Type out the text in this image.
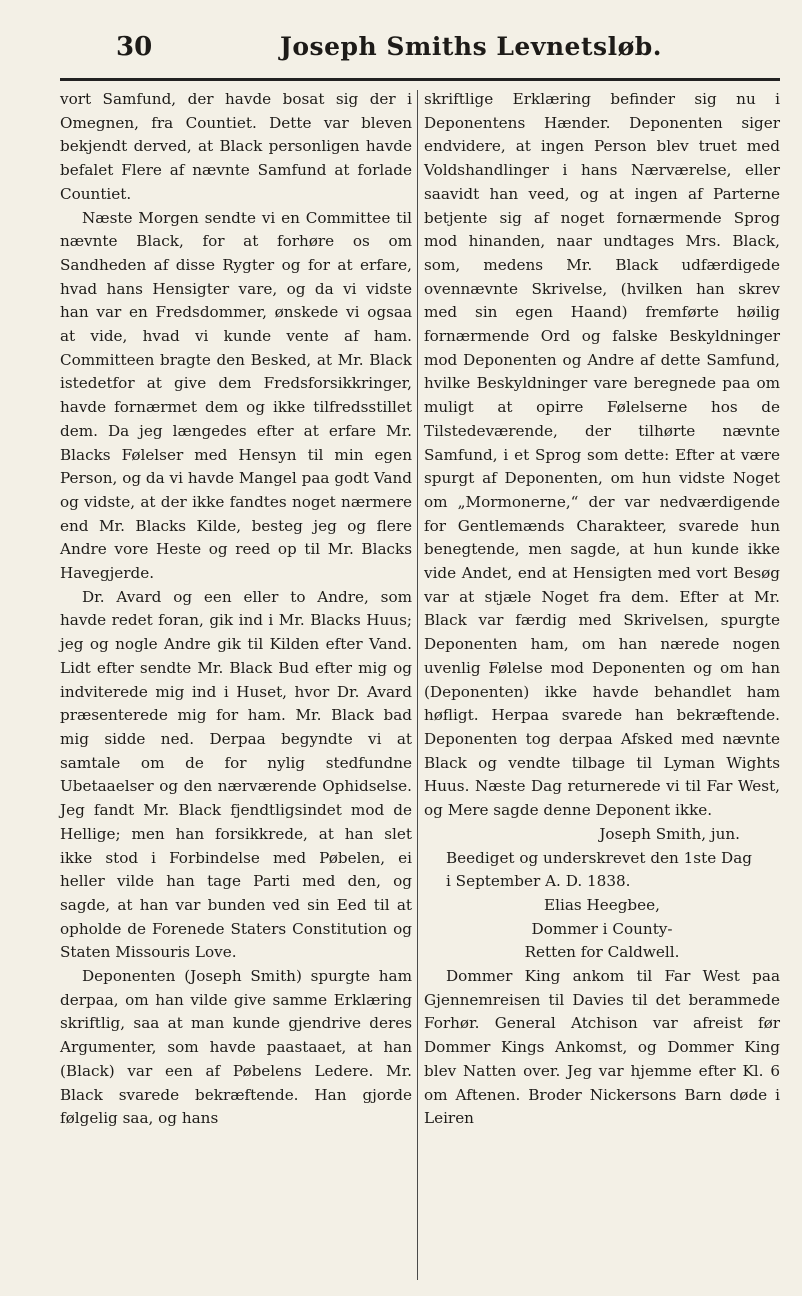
30	Joseph Smiths Levnetsløb.

vort Samfund, der havde bosat sig der i Omegnen, fra Countiet. Dette var bleven bekjendt derved, at Black personligen havde befalet Flere af nævnte Samfund at forlade Countiet.

Næste Morgen sendte vi en Committee til nævnte Black, for at forhøre os om Sandheden af disse Rygter og for at erfare, hvad hans Hensigter vare, og da vi vidste han var en Fredsdommer, ønskede vi ogsaa at vide, hvad vi kunde vente af ham. Committeen bragte den Besked, at Mr. Black istedetfor at give dem Fredsforsikkringer, havde fornærmet dem og ikke tilfredsstillet dem. Da jeg længedes efter at erfare Mr. Blacks Følelser med Hensyn til min egen Person, og da vi havde Mangel paa godt Vand og vidste, at der ikke fandtes noget nærmere end Mr. Blacks Kilde, besteg jeg og flere Andre vore Heste og reed op til Mr. Blacks Havegjerde.

Dr. Avard og een eller to Andre, som havde redet foran, gik ind i Mr. Blacks Huus; jeg og nogle Andre gik til Kilden efter Vand. Lidt efter sendte Mr. Black Bud efter mig og indviterede mig ind i Huset, hvor Dr. Avard præsenterede mig for ham. Mr. Black bad mig sidde ned. Derpaa begyndte vi at samtale om de for nylig stedfundne Ubetaaelser og den nærværende Ophidselse. Jeg fandt Mr. Black fjendtligsindet mod de Hellige; men han forsikkrede, at han slet ikke stod i Forbindelse med Pøbelen, ei heller vilde han tage Parti med den, og sagde, at han var bunden ved sin Eed til at opholde de Forenede Staters Constitution og Staten Missouris Love.

Deponenten (Joseph Smith) spurgte ham derpaa, om han vilde give samme Erklæring skriftlig, saa at man kunde gjendrive deres Argumenter, som havde paastaaet, at han (Black) var een af Pøbelens Ledere. Mr. Black svarede bekræftende. Han gjorde følgelig saa, og hans

skriftlige Erklæring befinder sig nu i Deponentens Hænder. Deponenten siger endvidere, at ingen Person blev truet med Voldshandlinger i hans Nærværelse, eller saavidt han veed, og at ingen af Parterne betjente sig af noget fornærmende Sprog mod hinanden, naar undtages Mrs. Black, som, medens Mr. Black udfærdigede ovennævnte Skrivelse, (hvilken han skrev med sin egen Haand) fremførte høilig fornærmende Ord og falske Beskyldninger mod Deponenten og Andre af dette Samfund, hvilke Beskyldninger vare beregnede paa om muligt at opirre Følelserne hos de Tilstedeværende, der tilhørte nævnte Samfund, i et Sprog som dette: Efter at være spurgt af Deponenten, om hun vidste Noget om „Mormonerne,“ der var nedværdigende for Gentlemænds Charakteer, svarede hun benegtende, men sagde, at hun kunde ikke vide Andet, end at Hensigten med vort Besøg var at stjæle Noget fra dem. Efter at Mr. Black var færdig med Skrivelsen, spurgte Deponenten ham, om han nærede nogen uvenlig Følelse mod Deponenten og om han (Deponenten) ikke havde behandlet ham høfligt. Herpaa svarede han bekræftende. Deponenten tog derpaa Afsked med nævnte Black og vendte tilbage til Lyman Wights Huus. Næste Dag returnerede vi til Far West, og Mere sagde denne Deponent ikke.

Joseph Smith, jun.

Beediget og underskrevet den 1ste Dag

i September A. D. 1838.

Elias Heegbee,

Dommer i County-

Retten for Caldwell.

Dommer King ankom til Far West paa Gjennemreisen til Davies til det berammede Forhør. General Atchison var afreist før Dommer Kings Ankomst, og Dommer King blev Natten over. Jeg var hjemme efter Kl. 6 om Aftenen. Broder Nickersons Barn døde i Leiren
